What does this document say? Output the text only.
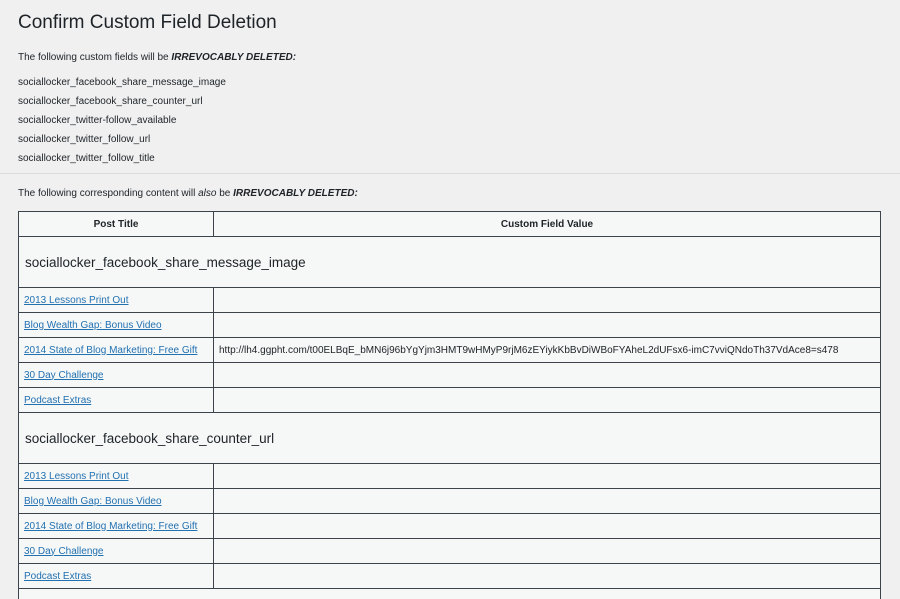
Confirm Custom Field Deletion
The following custom fields will be IRREVOCABLY DELETED:
sociallocker_facebook_share_message_image
sociallocker_facebook_share_counter_url
sociallocker_twitter-follow_available
sociallocker_twitter_follow_url
sociallocker_twitter_follow_title
The following corresponding content will also be IRREVOCABLY DELETED:
Post Title	Custom Field Value
sociallocker_facebook_share_message_image	
2013 Lessons Print Out	
Blog Wealth Gap: Bonus Video	
2014 State of Blog Marketing: Free Gift	http://lh4.ggpht.com/t00ELBqE_bMN6j96bYgYjm3HMT9wHMyP9rjM6zEYiykKbBvDiWBoFYAheL2dUFsx6-imC7vviQNdoTh37VdAce8=s478
30 Day Challenge	
Podcast Extras	
sociallocker_facebook_share_counter_url	
2013 Lessons Print Out	
Blog Wealth Gap: Bonus Video	
2014 State of Blog Marketing: Free Gift	
30 Day Challenge	
Podcast Extras	
